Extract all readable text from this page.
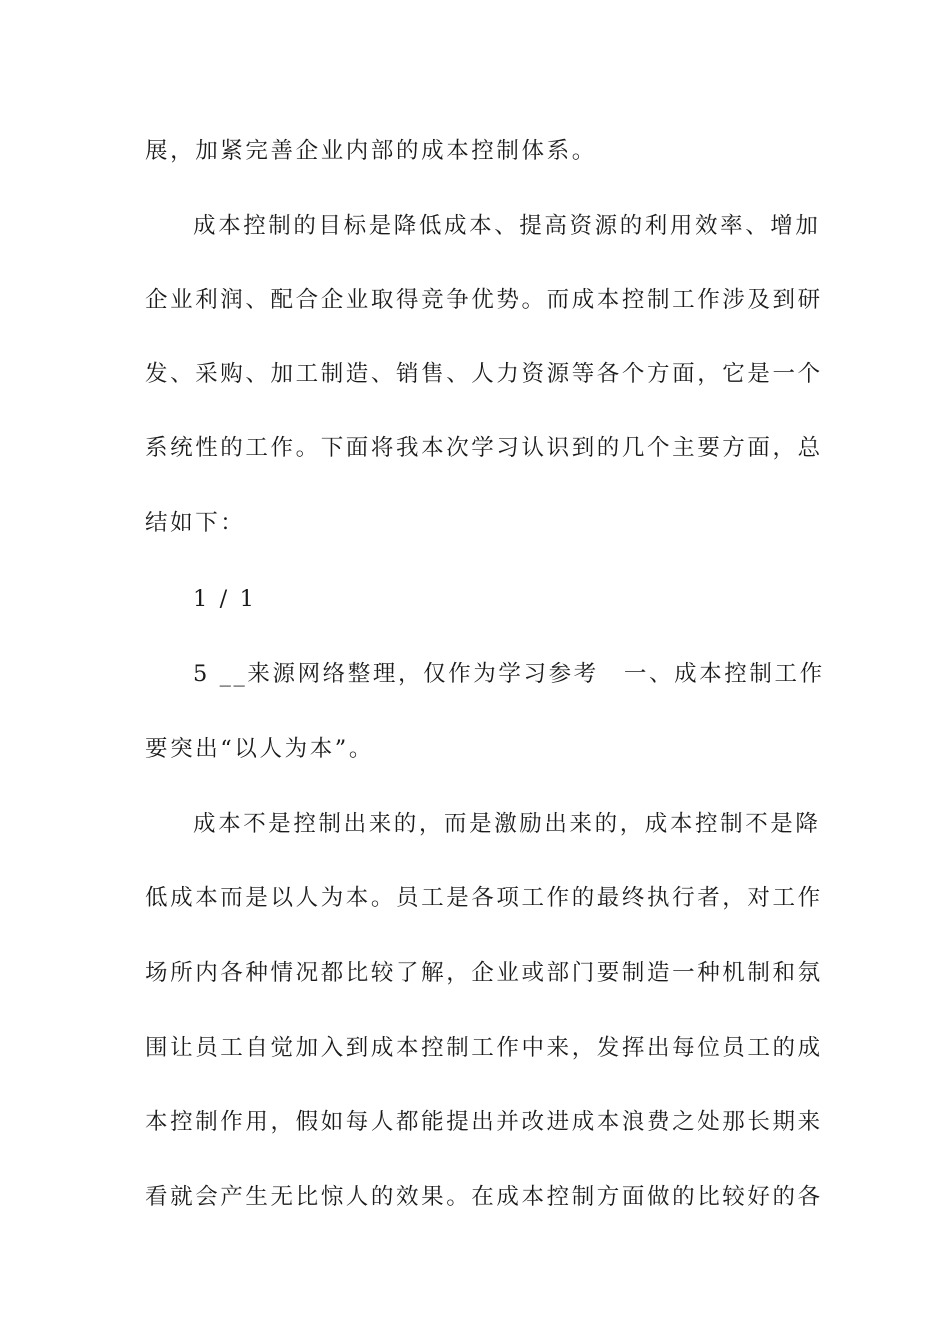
展，加紧完善企业内部的成本控制体系。
成本控制的目标是降低成本、提高资源的利用效率、增加
企业利润、配合企业取得竞争优势。而成本控制工作涉及到研
发、采购、加工制造、销售、人力资源等各个方面，它是一个
系统性的工作。下面将我本次学习认识到的几个主要方面，总
结如下：
1 / 1
5 __来源网络整理，仅作为学习参考　一、成本控制工作
要突出“以人为本”。
成本不是控制出来的，而是激励出来的，成本控制不是降
低成本而是以人为本。员工是各项工作的最终执行者，对工作
场所内各种情况都比较了解，企业或部门要制造一种机制和氛
围让员工自觉加入到成本控制工作中来，发挥出每位员工的成
本控制作用，假如每人都能提出并改进成本浪费之处那长期来
看就会产生无比惊人的效果。在成本控制方面做的比较好的各
